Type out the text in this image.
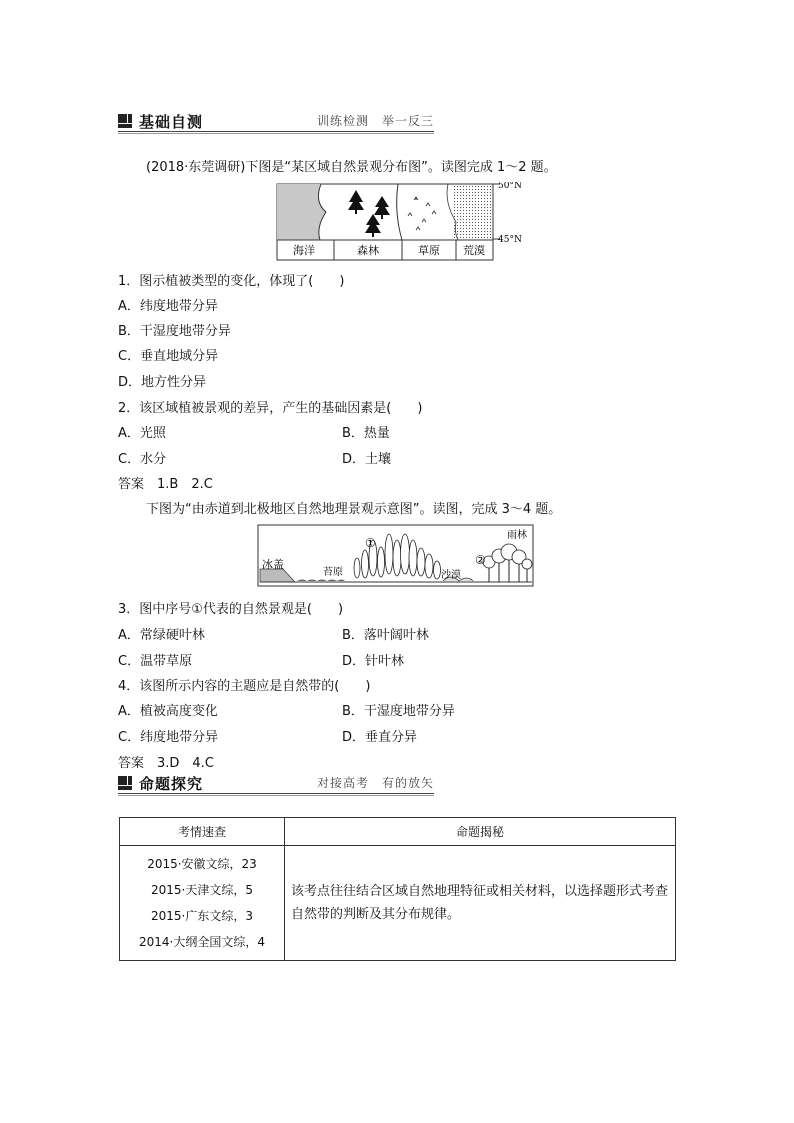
基础自测	训练检测　举一反三
(2018·东莞调研)下图是“某区域自然景观分布图”。读图完成 1～2 题。
海洋	森林	草原 荒漠
50°N
45°N
1．图示植被类型的变化，体现了(　　)
A．纬度地带分异
B．干湿度地带分异
C．垂直地域分异
D．地方性分异
2．该区域植被景观的差异，产生的基础因素是(　　)
A．光照	B．热量
C．水分	D．土壤
答案　1.B　2.C
下图为“由赤道到北极地区自然地理景观示意图”。读图，完成 3～4 题。
冰盖
苔原
①
沙漠
②
雨林
3．图中序号①代表的自然景观是(　　)
A．常绿硬叶林	B．落叶阔叶林
C．温带草原	D．针叶林
4．该图所示内容的主题应是自然带的(　　)
A．植被高度变化	B．干湿度地带分异
C．纬度地带分异	D．垂直分异
答案　3.D　4.C
命题探究	对接高考　有的放矢
考情速查	命题揭秘

2015·安徽文综，23
2015·天津文综，5
2015·广东文综，3
2014·大纲全国文综，4	该考点往往结合区域自然地理特征或相关材料，以选择题形式考查自然带的判断及其分布规律。
